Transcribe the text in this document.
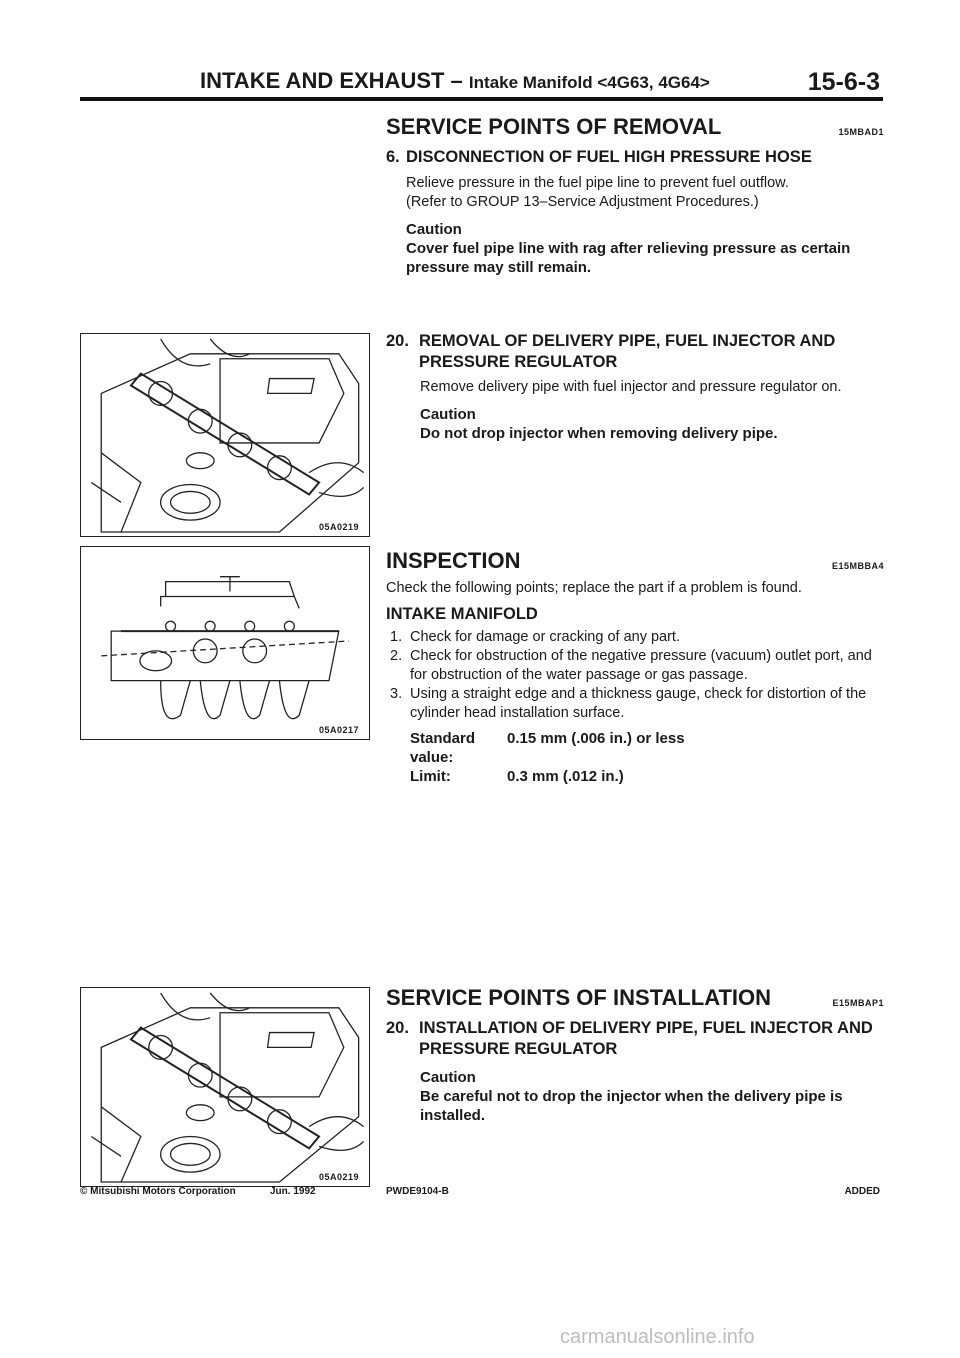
INTAKE AND EXHAUST – Intake Manifold <4G63, 4G64>	15-6-3
SERVICE POINTS OF REMOVAL	15MBAD1
6. DISCONNECTION OF FUEL HIGH PRESSURE HOSE
Relieve pressure in the fuel pipe line to prevent fuel outflow.
(Refer to GROUP 13–Service Adjustment Procedures.)
Caution
Cover fuel pipe line with rag after relieving pressure as certain pressure may still remain.
20. REMOVAL OF DELIVERY PIPE, FUEL INJECTOR AND PRESSURE REGULATOR
Remove delivery pipe with fuel injector and pressure regulator on.
Caution
Do not drop injector when removing delivery pipe.
INSPECTION	E15MBBA4
Check the following points; replace the part if a problem is found.
INTAKE MANIFOLD
1. Check for damage or cracking of any part.
2. Check for obstruction of the negative pressure (vacuum) outlet port, and for obstruction of the water passage or gas passage.
3. Using a straight edge and a thickness gauge, check for distortion of the cylinder head installation surface.
Standard value:
0.15 mm (.006 in.) or less
Limit:	0.3 mm (.012 in.)
SERVICE POINTS OF INSTALLATION	E15MBAP1
20. INSTALLATION OF DELIVERY PIPE, FUEL INJECTOR AND PRESSURE REGULATOR
Caution
Be careful not to drop the injector when the delivery pipe is installed.
05A0219
05A0217
05A0219
© Mitsubishi Motors Corporation	Jun. 1992	PWDE9104-B	ADDED
carmanualsonline.info
